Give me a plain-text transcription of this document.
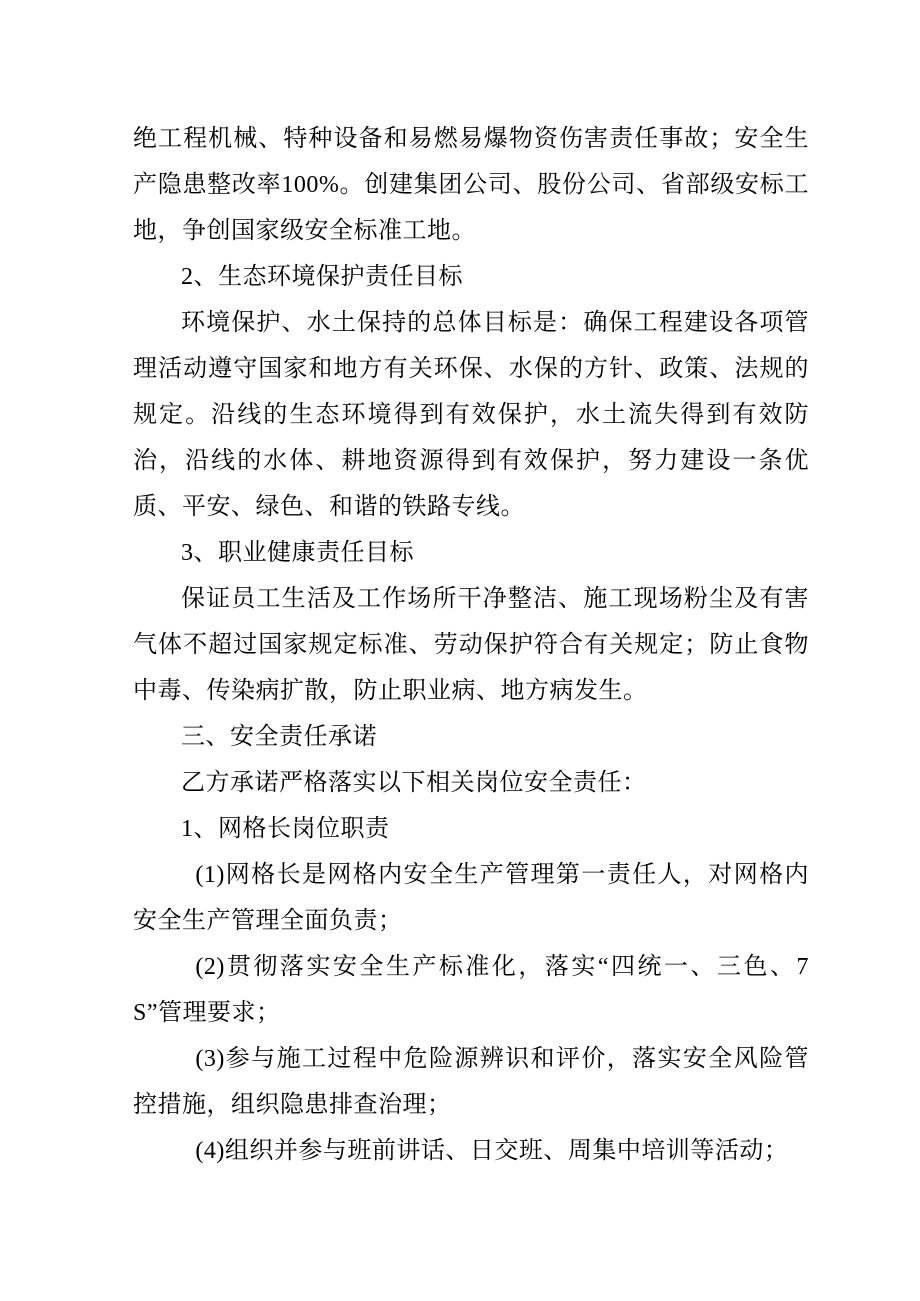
绝工程机械、特种设备和易燃易爆物资伤害责任事故；安全生产隐患整改率100%。创建集团公司、股份公司、省部级安标工地，争创国家级安全标准工地。

2、生态环境保护责任目标

环境保护、水土保持的总体目标是：确保工程建设各项管理活动遵守国家和地方有关环保、水保的方针、政策、法规的规定。沿线的生态环境得到有效保护，水土流失得到有效防治，沿线的水体、耕地资源得到有效保护，努力建设一条优质、平安、绿色、和谐的铁路专线。

3、职业健康责任目标

保证员工生活及工作场所干净整洁、施工现场粉尘及有害气体不超过国家规定标准、劳动保护符合有关规定；防止食物中毒、传染病扩散，防止职业病、地方病发生。

三、安全责任承诺

乙方承诺严格落实以下相关岗位安全责任：

1、网格长岗位职责

(1)网格长是网格内安全生产管理第一责任人，对网格内安全生产管理全面负责；

(2)贯彻落实安全生产标准化，落实“四统一、三色、7S”管理要求；

(3)参与施工过程中危险源辨识和评价，落实安全风险管控措施，组织隐患排查治理；

(4)组织并参与班前讲话、日交班、周集中培训等活动；
